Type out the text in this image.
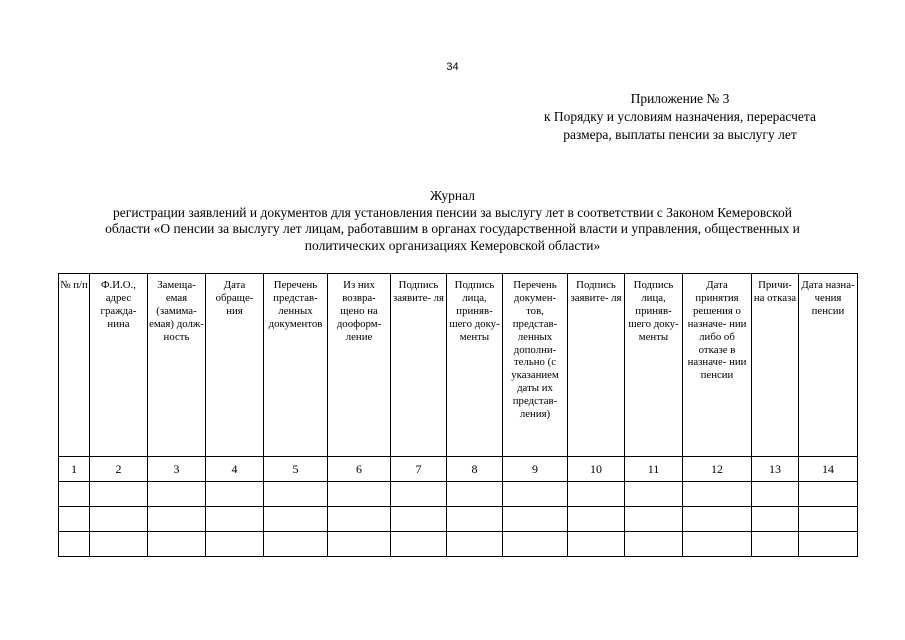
34
Приложение № 3
к Порядку и условиям назначения, перерасчета
размера, выплаты пенсии за выслугу лет
Журнал
регистрации заявлений и документов для установления пенсии за выслугу лет в соответствии с Законом Кемеровской
области «О пенсии за выслугу лет лицам, работавшим в органах государственной власти и управления, общественных и
политических организациях Кемеровской области»
№ п/п	Ф.И.О., адрес гражда- нина	Замеща- емая (замима- емая) долж- ность	Дата обраще- ния	Перечень представ- ленных документов	Из них возвра- щено на дооформ- ление	Подпись заявите- ля	Подпись лица, приняв- шего доку- менты	Перечень докумен- тов, представ- ленных дополни- тельно (с указанием даты их представ- ления)	Подпись заявите- ля	Подпись лица, приняв- шего доку- менты	Дата принятия решения о назначе- нии либо об отказе в назначе- нии пенсии	Причи- на отказа	Дата назна- чения пенсии

1	2	3	4	5	6	7	8	9	10	11	12	13	14
